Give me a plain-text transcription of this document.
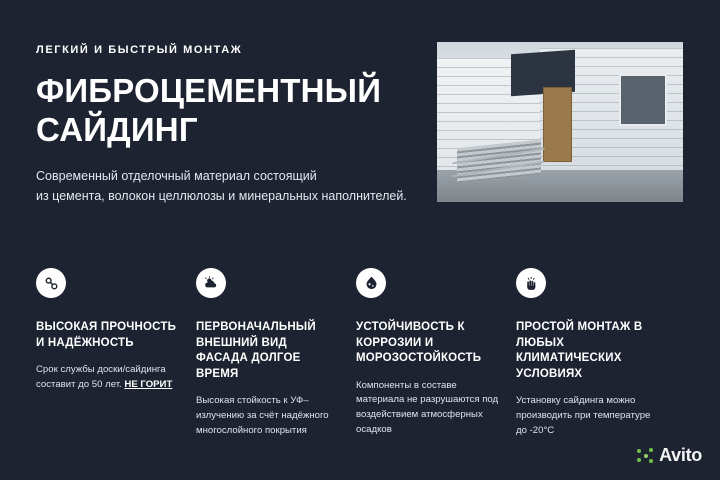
ЛЕГКИЙ И БЫСТРЫЙ МОНТАЖ
ФИБРОЦЕМЕНТНЫЙ
САЙДИНГ
Современный отделочный материал состоящий
из цемента, волокон целлюлозы и минеральных наполнителей.
ВЫСОКАЯ ПРОЧНОСТЬ И НАДЁЖНОСТЬ

Срок службы доски/сайдинга составит до 50 лет. НЕ ГОРИТ

ПЕРВОНАЧАЛЬНЫЙ ВНЕШНИЙ ВИД ФАСАДА ДОЛГОЕ ВРЕМЯ

Высокая стойкость к УФ–излучению за счёт надёжного многослойного покрытия

УСТОЙЧИВОСТЬ К КОРРОЗИИ И МОРОЗОСТОЙКОСТЬ

Компоненты в составе материала не разрушаются под воздействием атмосферных осадков

ПРОСТОЙ МОНТАЖ В ЛЮБЫХ КЛИМАТИЧЕСКИХ УСЛОВИЯХ

Установку сайдинга можно производить при температуре до -20°С

Avito
